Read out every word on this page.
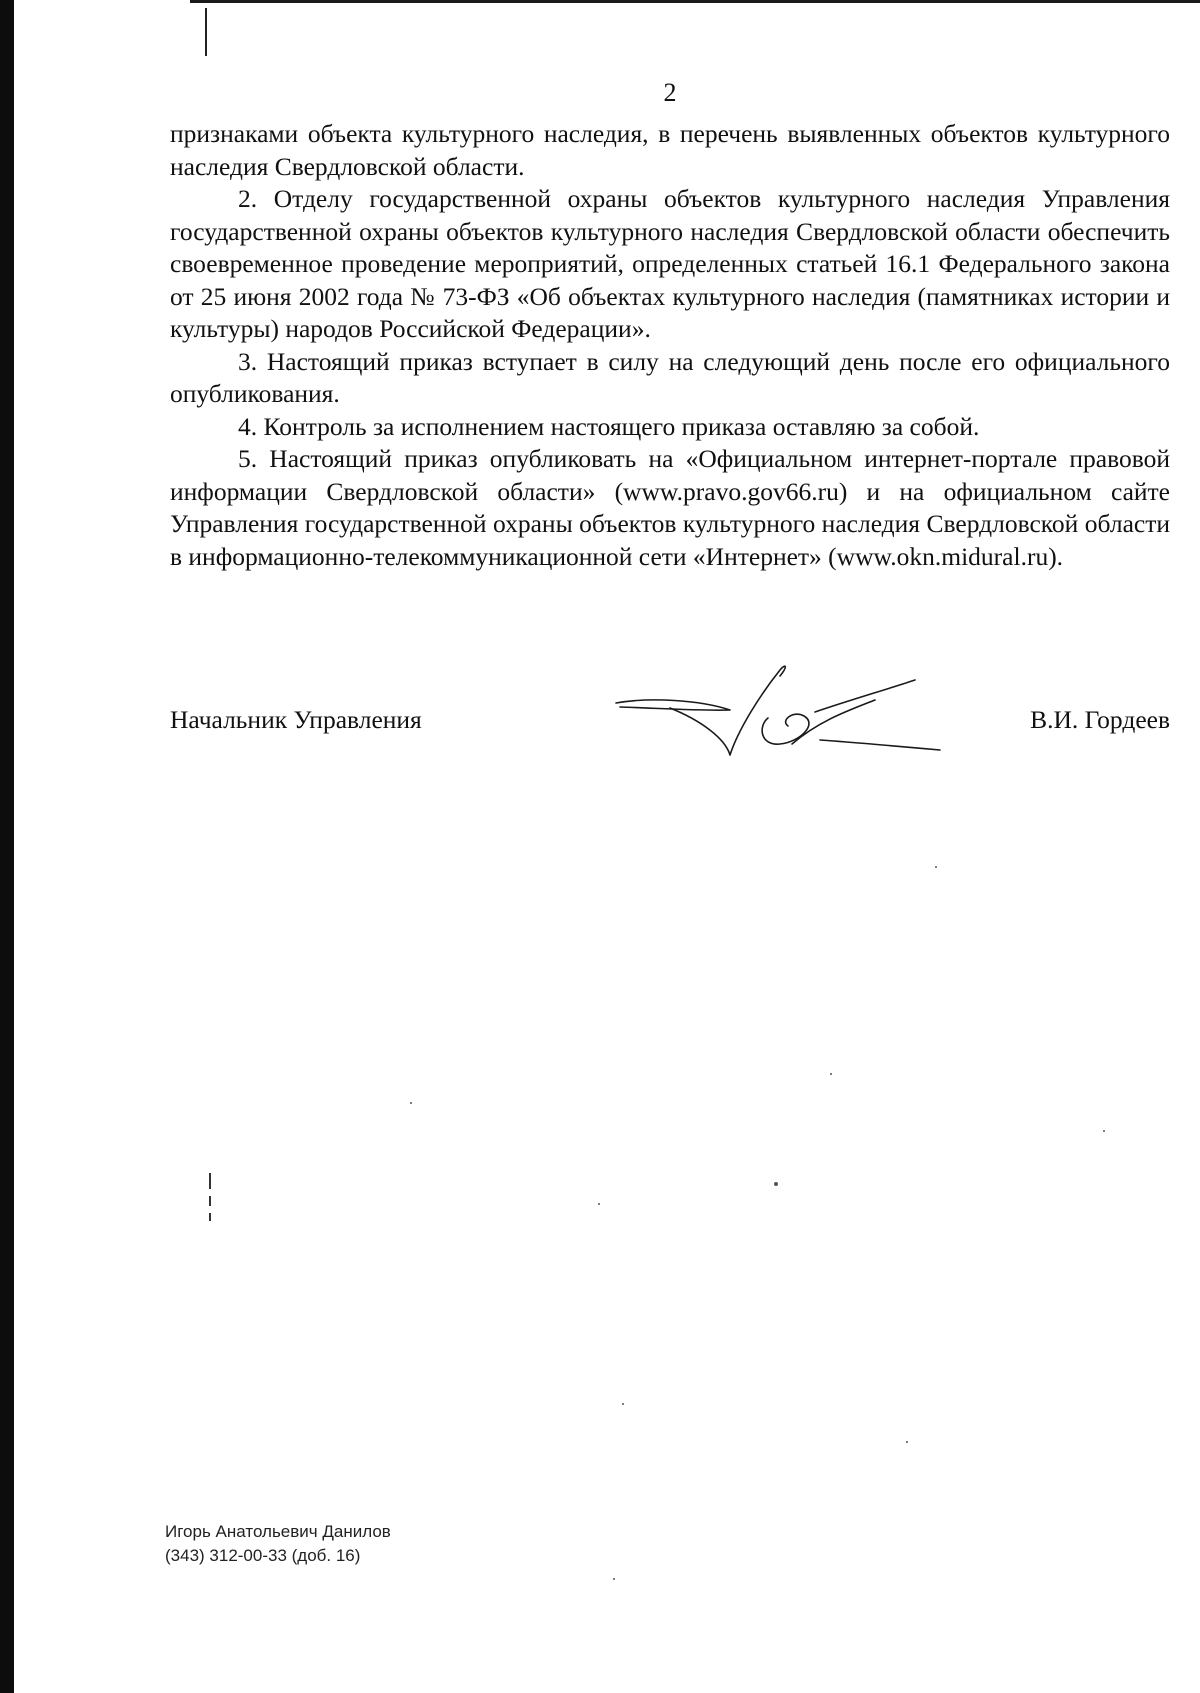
2

признаками объекта культурного наследия, в перечень выявленных объектов культурного наследия Свердловской области.

2. Отделу государственной охраны объектов культурного наследия Управления государственной охраны объектов культурного наследия Свердловской области обеспечить своевременное проведение мероприятий, определенных статьей 16.1 Федерального закона от 25 июня 2002 года № 73-ФЗ «Об объектах культурного наследия (памятниках истории и культуры) народов Российской Федерации».

3. Настоящий приказ вступает в силу на следующий день после его официального опубликования.

4. Контроль за исполнением настоящего приказа оставляю за собой.

5. Настоящий приказ опубликовать на «Официальном интернет-портале правовой информации Свердловской области» (www.pravo.gov66.ru) и на официальном сайте Управления государственной охраны объектов культурного наследия Свердловской области в информационно-телекоммуникационной сети «Интернет» (www.okn.midural.ru).

Начальник Управления	В.И. Гордеев
Игорь Анатольевич Данилов
(343) 312-00-33 (доб. 16)
